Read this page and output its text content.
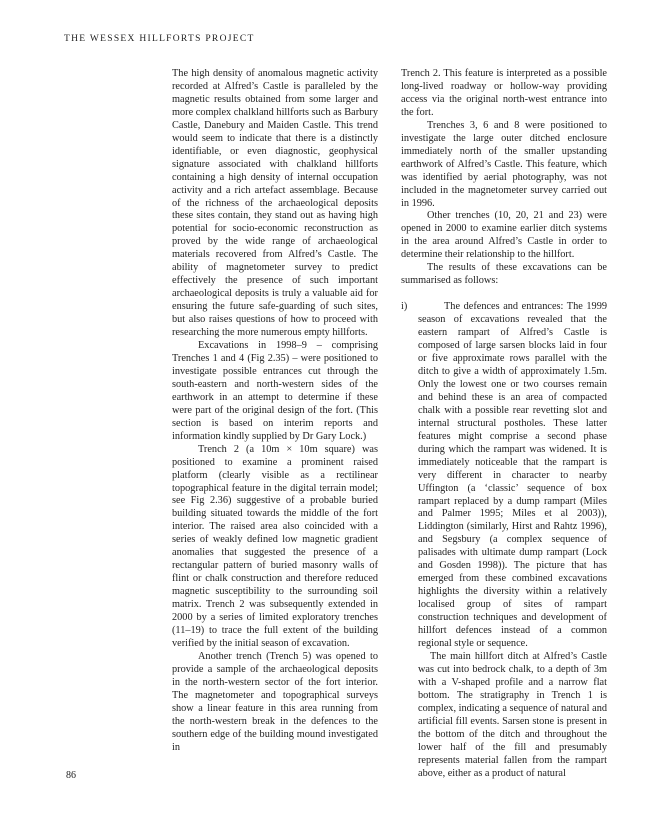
THE WESSEX HILLFORTS PROJECT

The high density of anomalous magnetic activity recorded at Alfred’s Castle is paralleled by the magnetic results obtained from some larger and more complex chalkland hillforts such as Barbury Castle, Danebury and Maiden Castle. This trend would seem to indicate that there is a distinctly identifiable, or even diagnostic, geophysical signature associated with chalkland hillforts containing a high density of internal occupation activity and a rich artefact assemblage. Because of the richness of the archaeological deposits these sites contain, they stand out as having high potential for socio-economic reconstruction as proved by the wide range of archaeological materials recovered from Alfred’s Castle. The ability of magnetometer survey to predict effectively the presence of such important archaeological deposits is truly a valuable aid for ensuring the future safe-guarding of such sites, but also raises questions of how to proceed with researching the more numerous empty hillforts.

Excavations in 1998–9 – comprising Trenches 1 and 4 (Fig 2.35) – were positioned to investigate possible entrances cut through the south-eastern and north-western sides of the earthwork in an attempt to determine if these were part of the original design of the fort. (This section is based on interim reports and information kindly supplied by Dr Gary Lock.)

Trench 2 (a 10m × 10m square) was positioned to examine a prominent raised platform (clearly visible as a rectilinear topographical feature in the digital terrain model; see Fig 2.36) suggestive of a probable buried building situated towards the middle of the fort interior. The raised area also coincided with a series of weakly defined low magnetic gradient anomalies that suggested the presence of a rectangular pattern of buried masonry walls of flint or chalk construction and therefore reduced magnetic susceptibility to the surrounding soil matrix. Trench 2 was subsequently extended in 2000 by a series of limited exploratory trenches (11–19) to trace the full extent of the building verified by the initial season of excavation.

Another trench (Trench 5) was opened to provide a sample of the archaeological deposits in the north-western sector of the fort interior. The magnetometer and topographical surveys show a linear feature in this area running from the north-western break in the defences to the southern edge of the building mound investigated in

Trench 2. This feature is interpreted as a possible long-lived roadway or hollow-way providing access via the original north-west entrance into the fort.

Trenches 3, 6 and 8 were positioned to investigate the large outer ditched enclosure immediately north of the smaller upstanding earthwork of Alfred’s Castle. This feature, which was identified by aerial photography, was not included in the magnetometer survey carried out in 1996.

Other trenches (10, 20, 21 and 23) were opened in 2000 to examine earlier ditch systems in the area around Alfred’s Castle in order to determine their relationship to the hillfort.

The results of these excavations can be summarised as follows:

i)	The defences and entrances: The 1999 season of excavations revealed that the eastern rampart of Alfred’s Castle is composed of large sarsen blocks laid in four or five approximate rows parallel with the ditch to give a width of approximately 1.5m. Only the lowest one or two courses remain and behind these is an area of compacted chalk with a possible rear revetting slot and internal structural postholes. These latter features might comprise a second phase during which the rampart was widened. It is immediately noticeable that the rampart is very different in character to nearby Uffington (a ‘classic’ sequence of box rampart replaced by a dump rampart (Miles and Palmer 1995; Miles et al 2003)), Liddington (similarly, Hirst and Rahtz 1996), and Segsbury (a complex sequence of palisades with ultimate dump rampart (Lock and Gosden 1998)). The picture that has emerged from these combined excavations highlights the diversity within a relatively localised group of sites of rampart construction techniques and development of hillfort defences instead of a common regional style or sequence.

The main hillfort ditch at Alfred’s Castle was cut into bedrock chalk, to a depth of 3m with a V-shaped profile and a narrow flat bottom. The stratigraphy in Trench 1 is complex, indicating a sequence of natural and artificial fill events. Sarsen stone is present in the bottom of the ditch and throughout the lower half of the fill and presumably represents material fallen from the rampart above, either as a product of natural

86
